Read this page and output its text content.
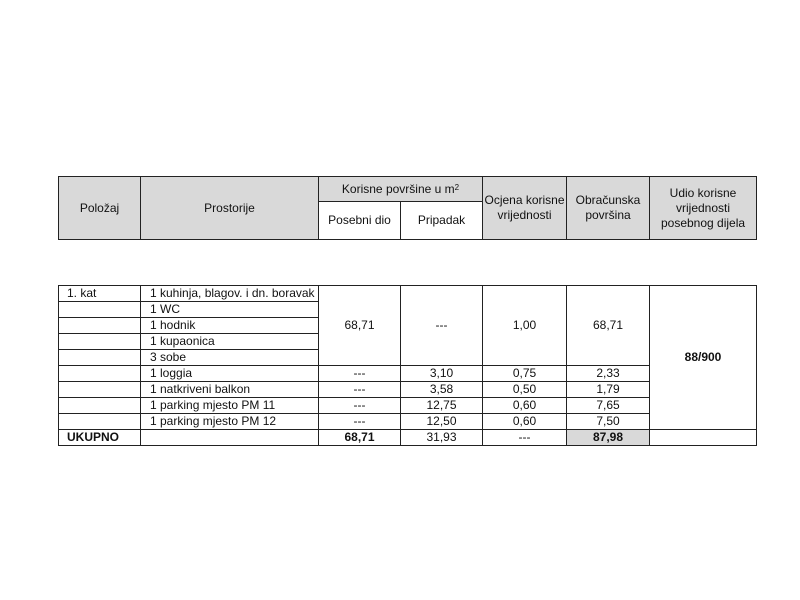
Položaj	Prostorije	Korisne površine u $m^2$		Ocjena korisne vrijednosti	Obračunska površina	Udio korisne vrijednosti posebnog dijela
		Posebni dio	Pripadak			
1. kat	1 kuhinja, blagov. i dn. boravak	68,71	---	1,00	68,71	88/900
	1 WC					
	1 hodnik					
	1 kupaonica					
	3 sobe					
	1 loggia	---	3,10	0,75	2,33	
	1 natkriveni balkon	---	3,58	0,50	1,79	
	1 parking mjesto PM 11	---	12,75	0,60	7,65	
	1 parking mjesto PM 12	---	12,50	0,60	7,50	
UKUPNO		68,71	31,93	---	87,98	
